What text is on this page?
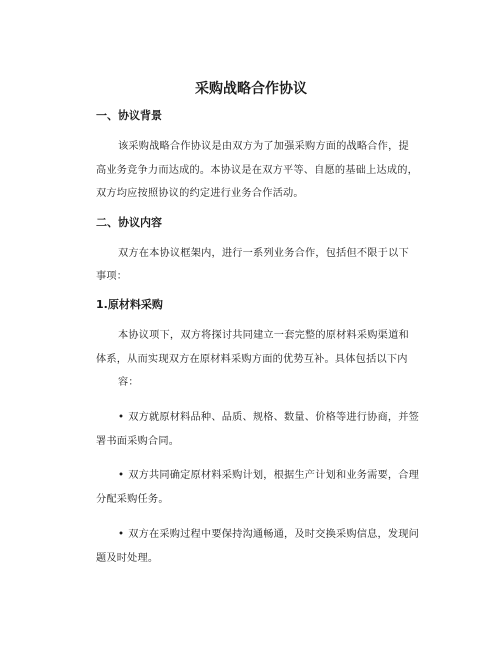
采购战略合作协议
一、协议背景
该采购战略合作协议是由双方为了加强采购方面的战略合作，提
高业务竞争力而达成的。本协议是在双方平等、自愿的基础上达成的，
双方均应按照协议的约定进行业务合作活动。
二、协议内容
双方在本协议框架内，进行一系列业务合作，包括但不限于以下
事项：
1.原材料采购
本协议项下，双方将探讨共同建立一套完整的原材料采购渠道和
体系，从而实现双方在原材料采购方面的优势互补。具体包括以下内
容：
• 双方就原材料品种、品质、规格、数量、价格等进行协商，并签
署书面采购合同。
• 双方共同确定原材料采购计划，根据生产计划和业务需要，合理
分配采购任务。
• 双方在采购过程中要保持沟通畅通，及时交换采购信息，发现问
题及时处理。
